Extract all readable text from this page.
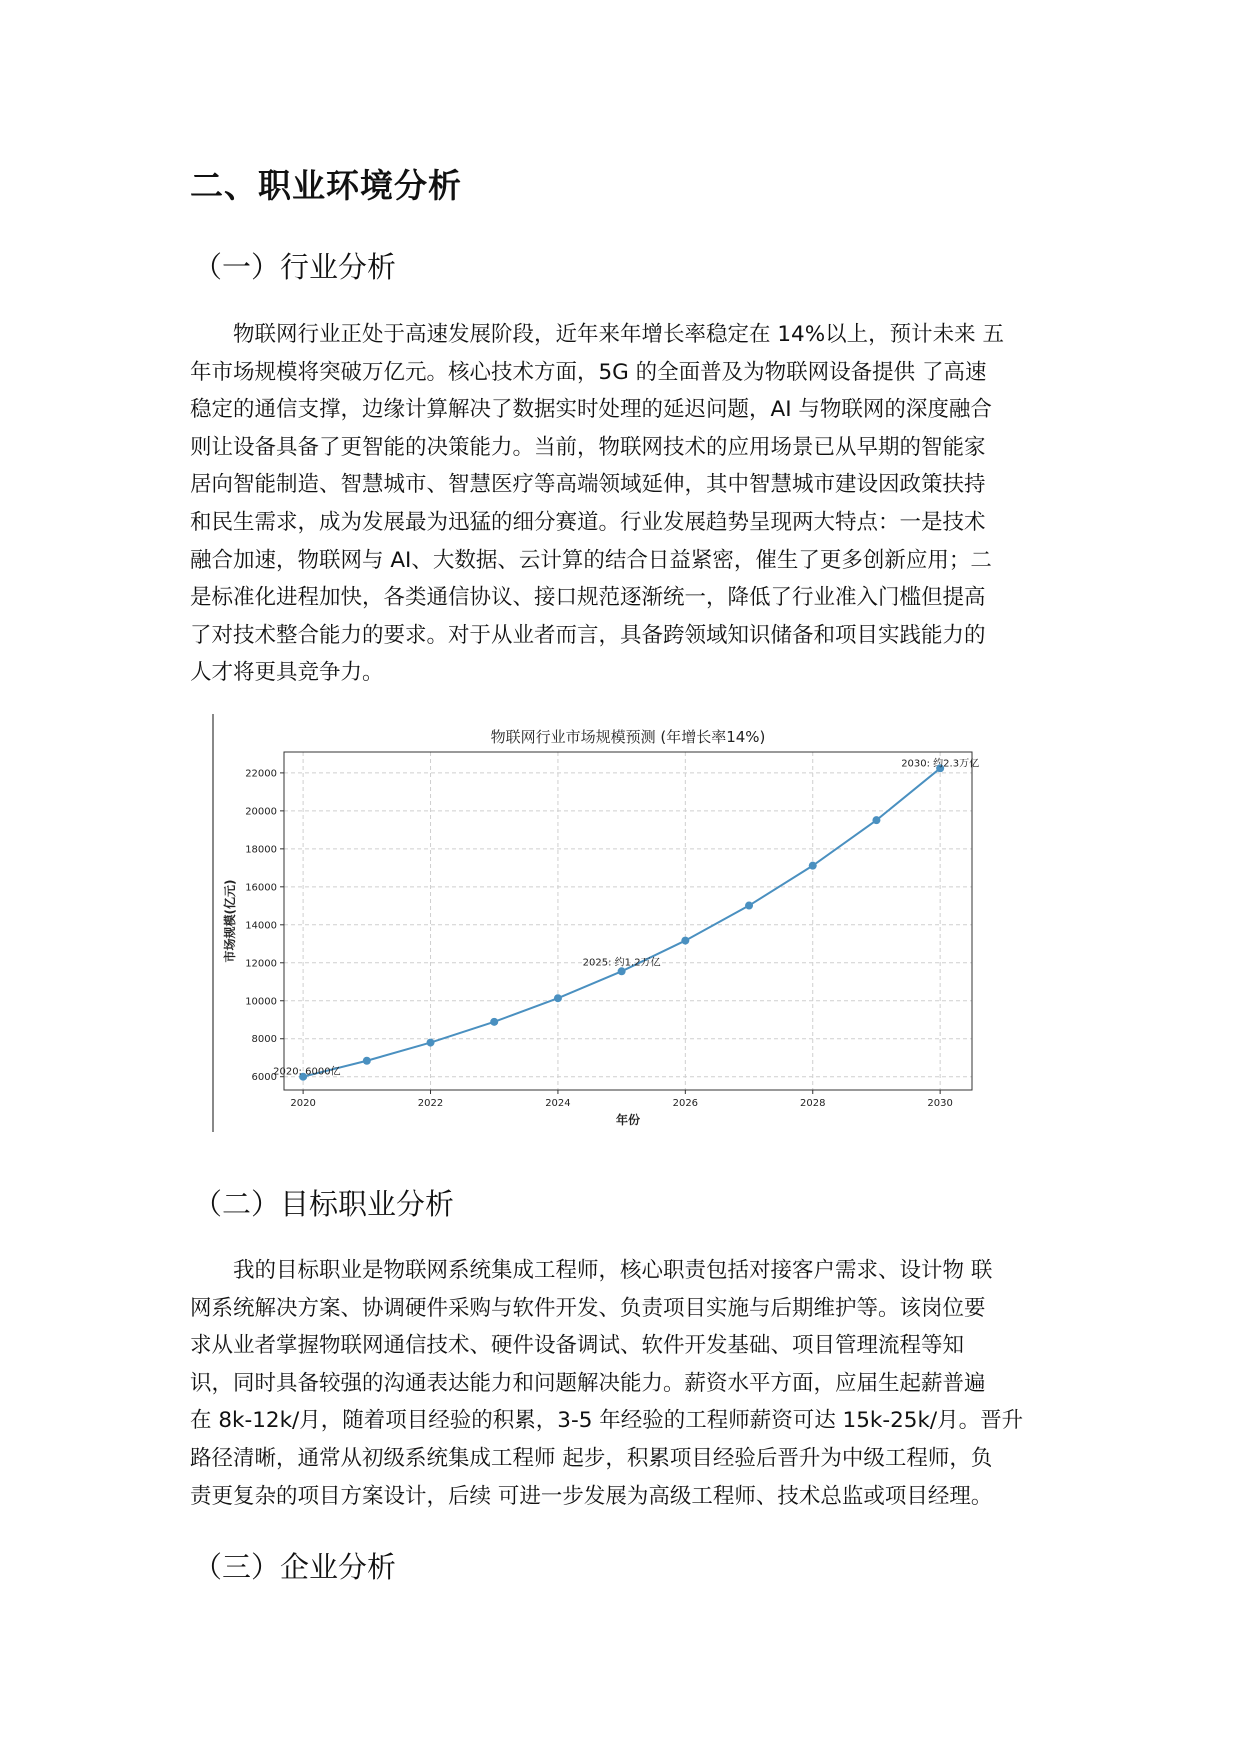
二、职业环境分析
（一）行业分析
物联网行业正处于高速发展阶段，近年来年增长率稳定在 14%以上，预计未来 五
年市场规模将突破万亿元。核心技术方面，5G 的全面普及为物联网设备提供 了高速
稳定的通信支撑，边缘计算解决了数据实时处理的延迟问题，AI 与物联网的深度融合
则让设备具备了更智能的决策能力。当前，物联网技术的应用场景已从早期的智能家
居向智能制造、智慧城市、智慧医疗等高端领域延伸，其中智慧城市建设因政策扶持
和民生需求，成为发展最为迅猛的细分赛道。行业发展趋势呈现两大特点：一是技术
融合加速，物联网与 AI、大数据、云计算的结合日益紧密，催生了更多创新应用；二
是标准化进程加快，各类通信协议、接口规范逐渐统一，降低了行业准入门槛但提高
了对技术整合能力的要求。对于从业者而言，具备跨领域知识储备和项目实践能力的
人才将更具竞争力。
物联网行业市场规模预测 (年增长率14%)
2020	2022	2024	2026	2028	2030
6000
8000
10000
12000
14000
16000
18000
20000
22000
年份
市场规模(亿元)
2020: 6000亿
2025: 约1.2万亿
2030: 约2.3万亿
（二）目标职业分析
我的目标职业是物联网系统集成工程师，核心职责包括对接客户需求、设计物 联
网系统解决方案、协调硬件采购与软件开发、负责项目实施与后期维护等。该岗位要
求从业者掌握物联网通信技术、硬件设备调试、软件开发基础、项目管理流程等知
识，同时具备较强的沟通表达能力和问题解决能力。薪资水平方面，应届生起薪普遍
在 8k-12k/月，随着项目经验的积累，3-5 年经验的工程师薪资可达 15k-25k/月。晋升
路径清晰，通常从初级系统集成工程师 起步，积累项目经验后晋升为中级工程师，负
责更复杂的项目方案设计，后续 可进一步发展为高级工程师、技术总监或项目经理。
（三）企业分析
